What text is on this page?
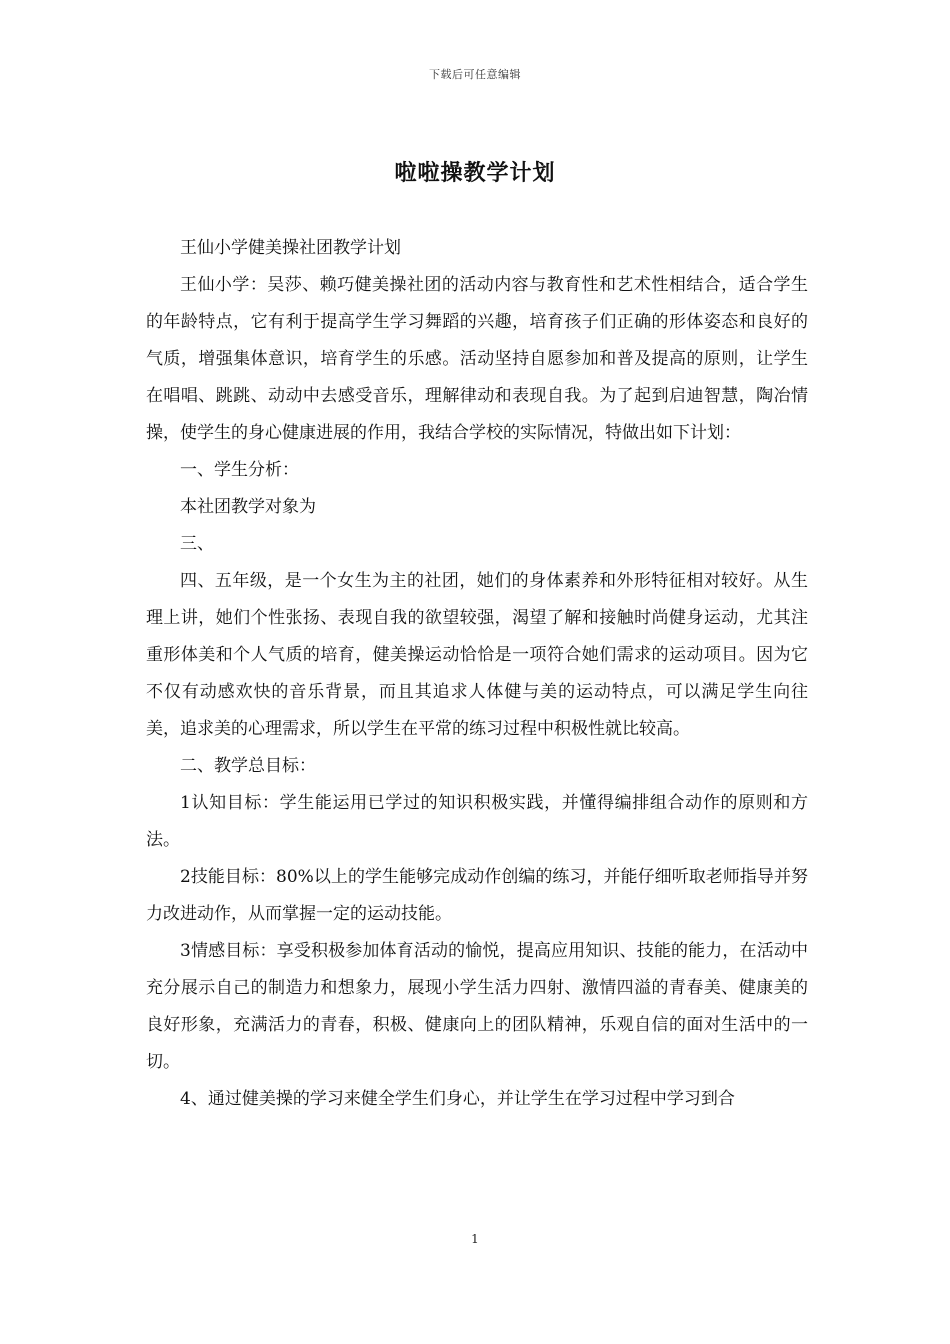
下载后可任意编辑
啦啦操教学计划

王仙小学健美操社团教学计划

王仙小学：吴莎、赖巧健美操社团的活动内容与教育性和艺术性相结合，适合学生的年龄特点，它有利于提高学生学习舞蹈的兴趣，培育孩子们正确的形体姿态和良好的气质，增强集体意识，培育学生的乐感。活动坚持自愿参加和普及提高的原则，让学生在唱唱、跳跳、动动中去感受音乐，理解律动和表现自我。为了起到启迪智慧，陶冶情操，使学生的身心健康进展的作用，我结合学校的实际情况，特做出如下计划：

一、学生分析：

本社团教学对象为

三、

四、五年级，是一个女生为主的社团，她们的身体素养和外形特征相对较好。从生理上讲，她们个性张扬、表现自我的欲望较强，渴望了解和接触时尚健身运动，尤其注重形体美和个人气质的培育，健美操运动恰恰是一项符合她们需求的运动项目。因为它不仅有动感欢快的音乐背景，而且其追求人体健与美的运动特点，可以满足学生向往美，追求美的心理需求，所以学生在平常的练习过程中积极性就比较高。

二、教学总目标：

1认知目标：学生能运用已学过的知识积极实践，并懂得编排组合动作的原则和方法。

2技能目标：80%以上的学生能够完成动作创编的练习，并能仔细听取老师指导并努力改进动作，从而掌握一定的运动技能。

3情感目标：享受积极参加体育活动的愉悦，提高应用知识、技能的能力，在活动中充分展示自己的制造力和想象力，展现小学生活力四射、激情四溢的青春美、健康美的良好形象，充满活力的青春，积极、健康向上的团队精神，乐观自信的面对生活中的一切。

4、通过健美操的学习来健全学生们身心，并让学生在学习过程中学习到合

1
